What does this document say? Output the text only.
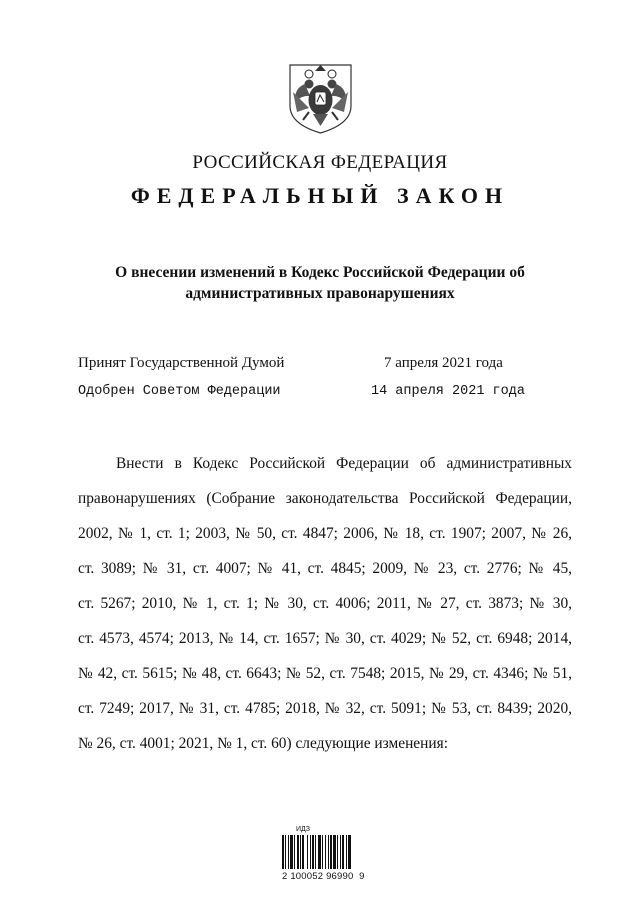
РОССИЙСКАЯ ФЕДЕРАЦИЯ
ФЕДЕРАЛЬНЫЙ ЗАКОН
О внесении изменений в Кодекс Российской Федерации об
административных правонарушениях
Принят Государственной Думой	7 апреля 2021 года
Одобрен Советом Федерации	14 апреля 2021 года
Внести в Кодекс Российской Федерации об административных
правонарушениях (Собрание законодательства Российской Федерации,
2002, № 1, ст. 1; 2003, № 50, ст. 4847; 2006, № 18, ст. 1907; 2007, № 26,
ст. 3089; № 31, ст. 4007; № 41, ст. 4845; 2009, № 23, ст. 2776; № 45,
ст. 5267; 2010, № 1, ст. 1; № 30, ст. 4006; 2011, № 27, ст. 3873; № 30,
ст. 4573, 4574; 2013, № 14, ст. 1657; № 30, ст. 4029; № 52, ст. 6948; 2014,
№ 42, ст. 5615; № 48, ст. 6643; № 52, ст. 7548; 2015, № 29, ст. 4346; № 51,
ст. 7249; 2017, № 31, ст. 4785; 2018, № 32, ст. 5091; № 53, ст. 8439; 2020,
№ 26, ст. 4001; 2021, № 1, ст. 60) следующие изменения:
ИДЗ
2 100052 96990  9
